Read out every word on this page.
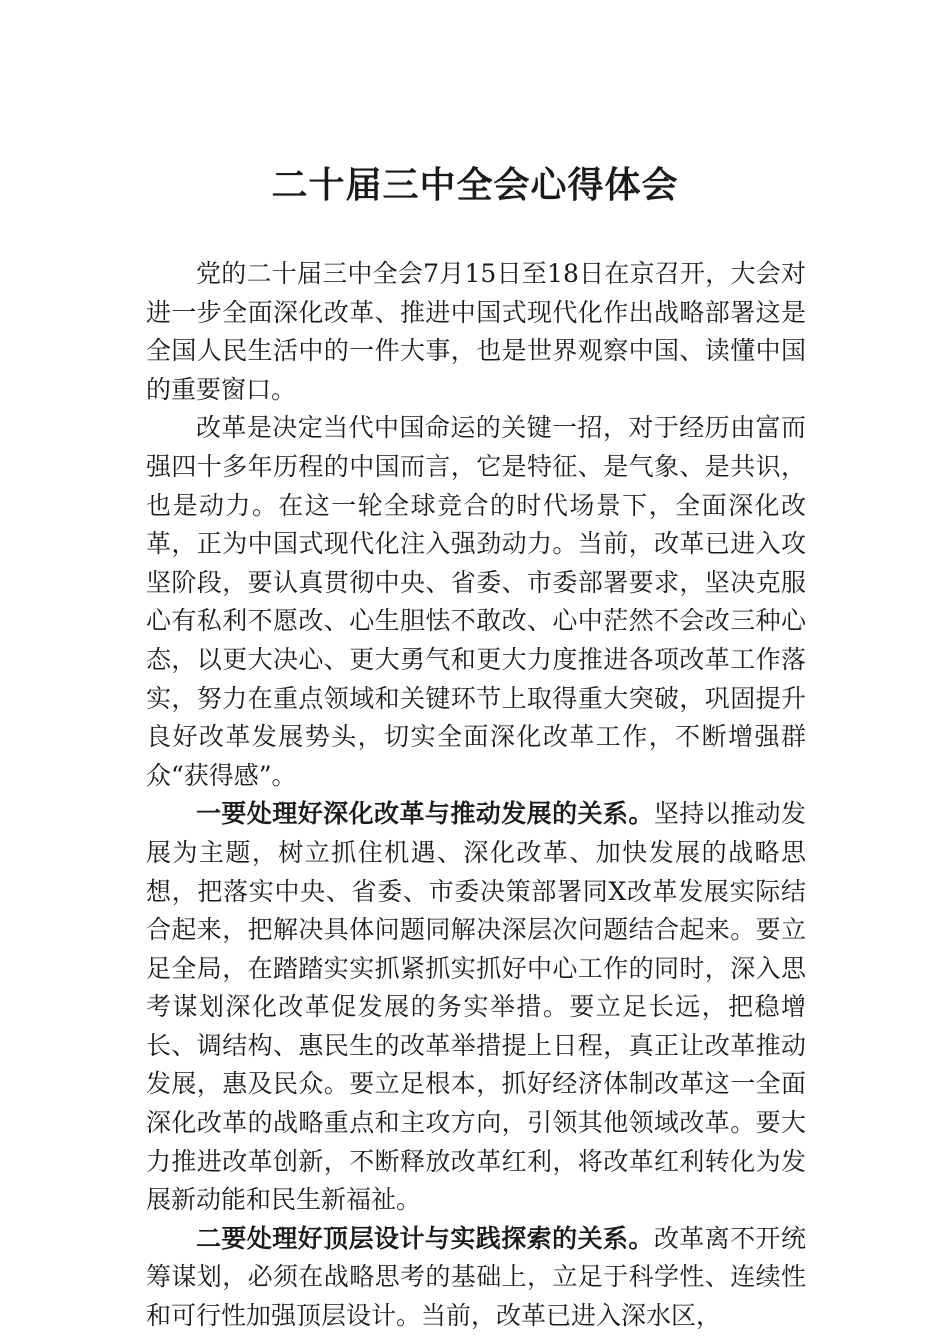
二十届三中全会心得体会

党的二十届三中全会7月15日至18日在京召开，大会对进一步全面深化改革、推进中国式现代化作出战略部署这是全国人民生活中的一件大事，也是世界观察中国、读懂中国的重要窗口。

改革是决定当代中国命运的关键一招，对于经历由富而强四十多年历程的中国而言，它是特征、是气象、是共识，也是动力。在这一轮全球竞合的时代场景下，全面深化改革，正为中国式现代化注入强劲动力。当前，改革已进入攻坚阶段，要认真贯彻中央、省委、市委部署要求，坚决克服心有私利不愿改、心生胆怯不敢改、心中茫然不会改三种心态，以更大决心、更大勇气和更大力度推进各项改革工作落实，努力在重点领域和关键环节上取得重大突破，巩固提升良好改革发展势头，切实全面深化改革工作，不断增强群众“获得感”。

一要处理好深化改革与推动发展的关系。坚持以推动发展为主题，树立抓住机遇、深化改革、加快发展的战略思想，把落实中央、省委、市委决策部署同X改革发展实际结合起来，把解决具体问题同解决深层次问题结合起来。要立足全局，在踏踏实实抓紧抓实抓好中心工作的同时，深入思考谋划深化改革促发展的务实举措。要立足长远，把稳增长、调结构、惠民生的改革举措提上日程，真正让改革推动发展，惠及民众。要立足根本，抓好经济体制改革这一全面深化改革的战略重点和主攻方向，引领其他领域改革。要大力推进改革创新，不断释放改革红利，将改革红利转化为发展新动能和民生新福祉。

二要处理好顶层设计与实践探索的关系。改革离不开统筹谋划，必须在战略思考的基础上，立足于科学性、连续性和可行性加强顶层设计。当前，改革已进入深水区，
